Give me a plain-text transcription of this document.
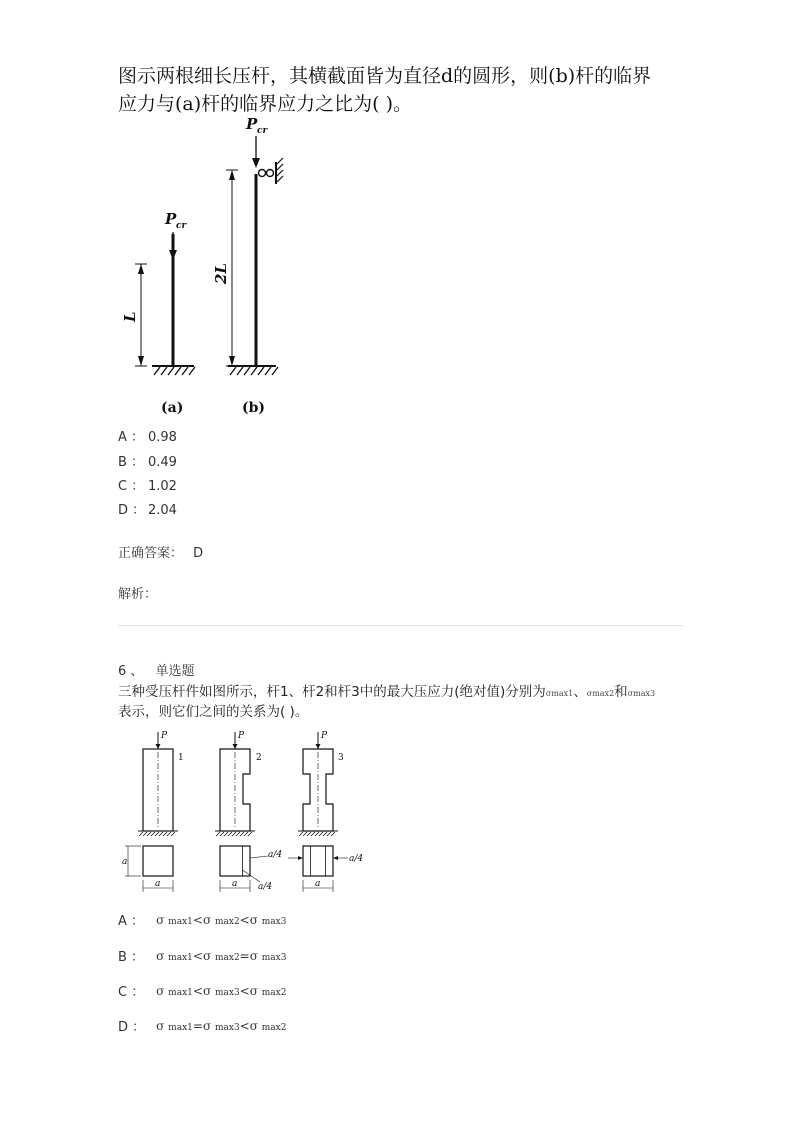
图示两根细长压杆，其横截面皆为直径d的圆形，则(b)杆的临界
应力与(a)杆的临界应力之比为( )。
P cr
L
(a)
P cr
2L
(b)
A ： 0.98
B ： 0.49
C ： 1.02
D ： 2.04
正确答案： D
解析：
6 、 单选题
三种受压杆件如图所示，杆1、杆2和杆3中的最大压应力(绝对值)分别为σmax1、σmax2和σmax3
表示，则它们之间的关系为( )。
P
1
a
a
P
2
a/4
a/4
a
P
3
a/4
a
A ： σ max1<σ max2<σ max3
B ： σ max1<σ max2=σ max3
C ： σ max1<σ max3<σ max2
D ： σ max1=σ max3<σ max2
